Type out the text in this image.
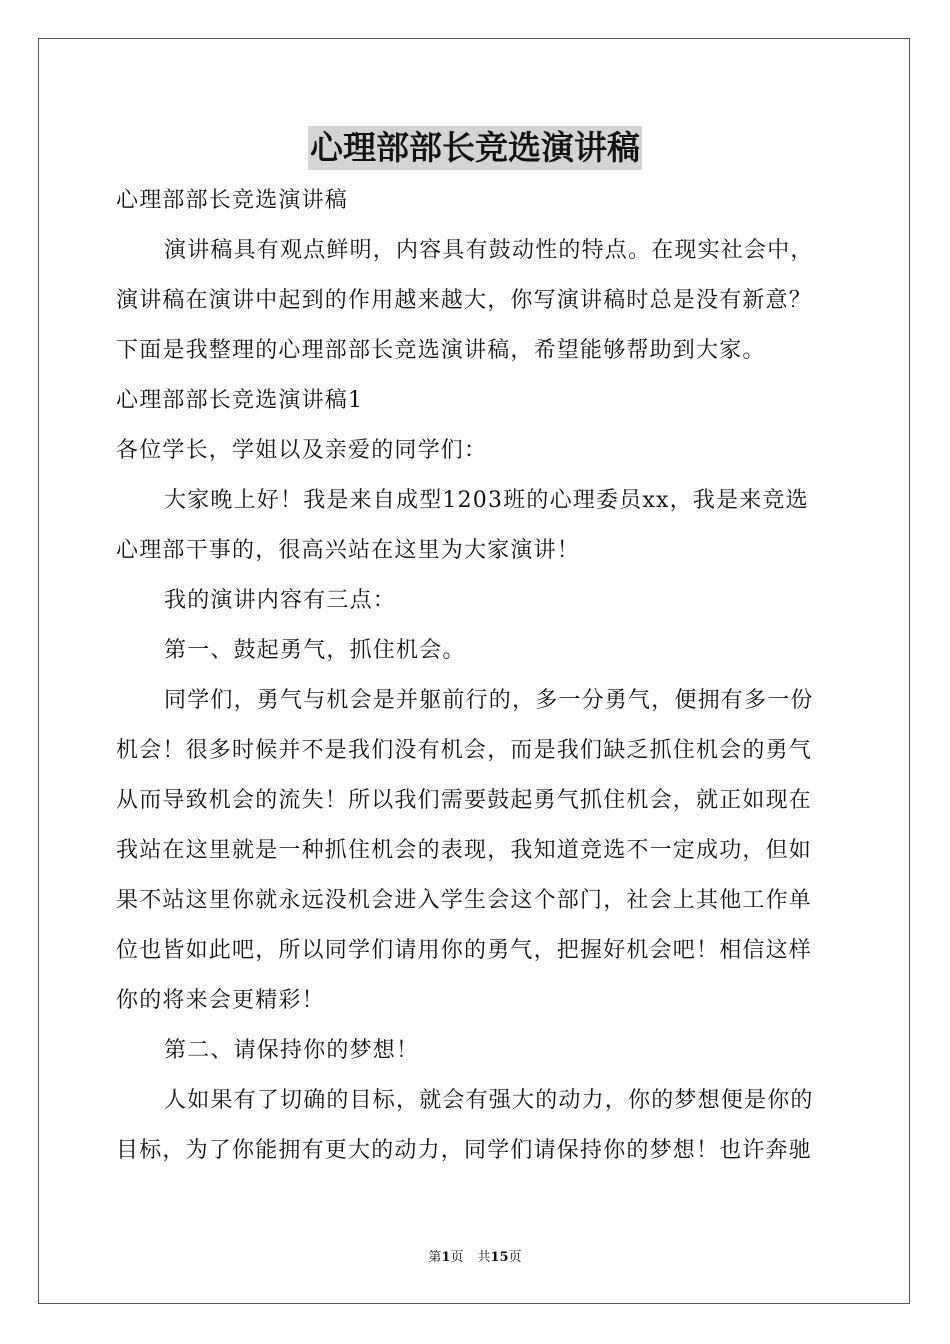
心理部部长竞选演讲稿
心理部部长竞选演讲稿
演讲稿具有观点鲜明，内容具有鼓动性的特点。在现实社会中，
演讲稿在演讲中起到的作用越来越大，你写演讲稿时总是没有新意？
下面是我整理的心理部部长竞选演讲稿，希望能够帮助到大家。
心理部部长竞选演讲稿1
各位学长，学姐以及亲爱的同学们：
大家晚上好！我是来自成型1203班的心理委员xx，我是来竞选
心理部干事的，很高兴站在这里为大家演讲！
我的演讲内容有三点：
第一、鼓起勇气，抓住机会。
同学们，勇气与机会是并躯前行的，多一分勇气，便拥有多一份
机会！很多时候并不是我们没有机会，而是我们缺乏抓住机会的勇气
从而导致机会的流失！所以我们需要鼓起勇气抓住机会，就正如现在
我站在这里就是一种抓住机会的表现，我知道竞选不一定成功，但如
果不站这里你就永远没机会进入学生会这个部门，社会上其他工作单
位也皆如此吧，所以同学们请用你的勇气，把握好机会吧！相信这样
你的将来会更精彩！
第二、请保持你的梦想！
人如果有了切确的目标，就会有强大的动力，你的梦想便是你的
目标，为了你能拥有更大的动力，同学们请保持你的梦想！也许奔驰
第1页 共15页
